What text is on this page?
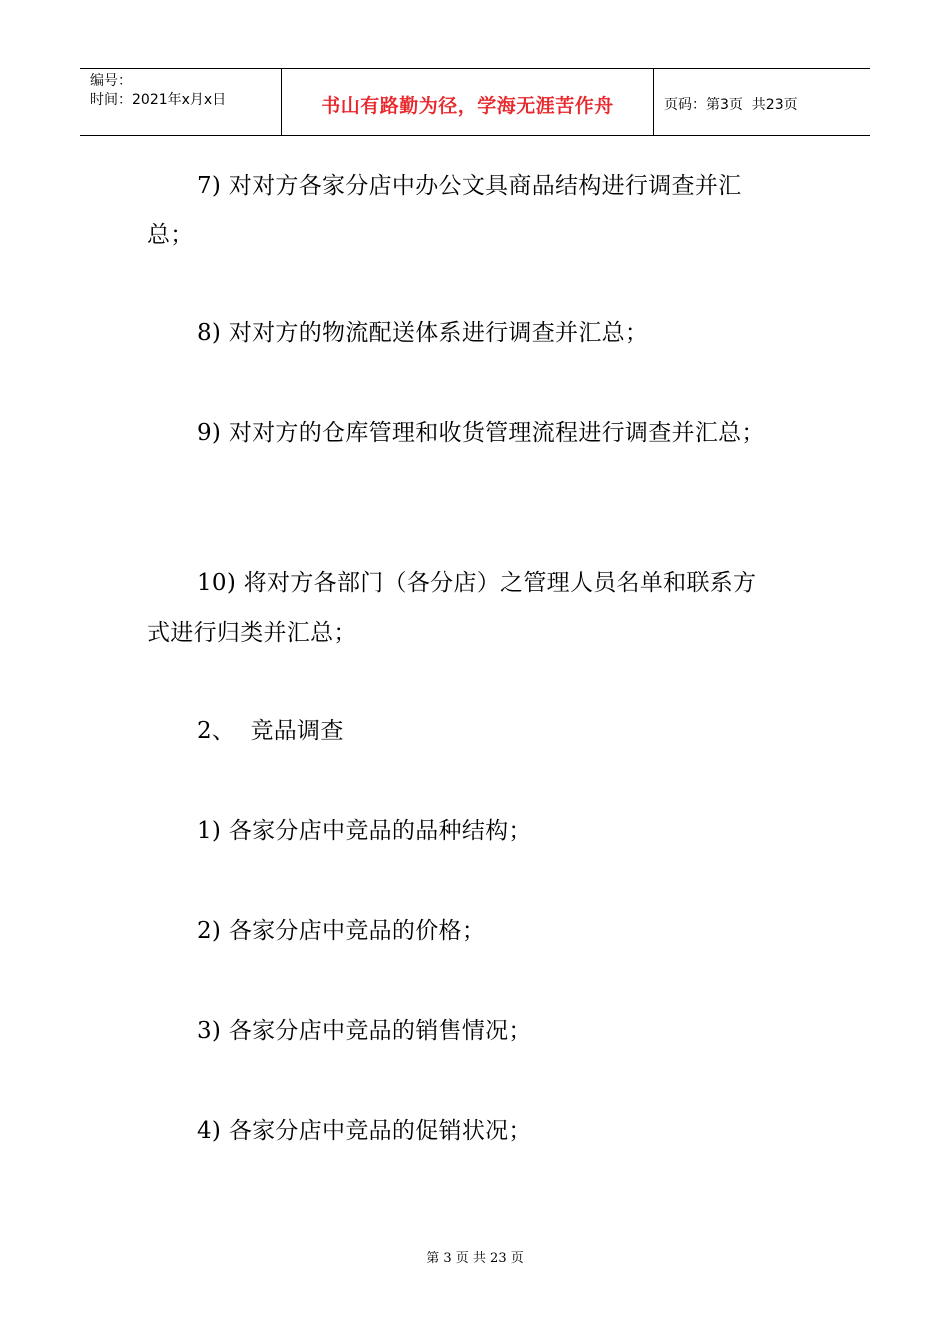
编号：
时间：2021年x月x日	书山有路勤为径，学海无涯苦作舟	页码：第3页  共23页
7) 对对方各家分店中办公文具商品结构进行调查并汇
总；
8) 对对方的物流配送体系进行调查并汇总；
9) 对对方的仓库管理和收货管理流程进行调查并汇总；
10) 将对方各部门（各分店）之管理人员名单和联系方
式进行归类并汇总；
2、  竞品调查
1) 各家分店中竞品的品种结构；
2) 各家分店中竞品的价格；
3) 各家分店中竞品的销售情况；
4) 各家分店中竞品的促销状况；
第 3 页 共 23 页
